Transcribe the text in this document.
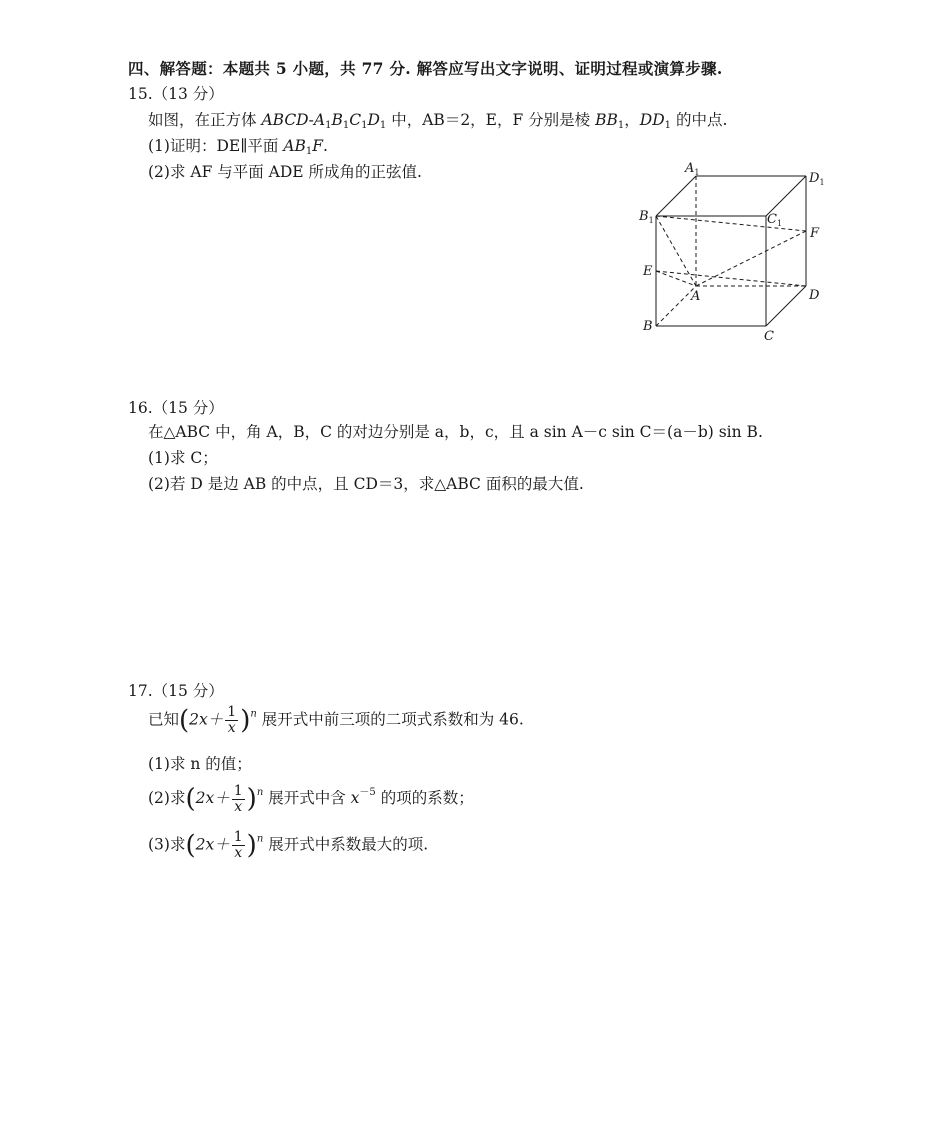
四、解答题：本题共 5 小题，共 77 分. 解答应写出文字说明、证明过程或演算步骤.
15.（13 分）
如图，在正方体 ABCD-$A_1B_1C_1D_1$ 中，AB＝2，E，F 分别是棱 $BB_1$，$DD_1$ 的中点.
(1)证明：DE∥平面 $AB_1F$.
(2)求 AF 与平面 ADE 所成角的正弦值.	$A_1$	$D_1$
$B_1$	$C_1$
F
E
A	D
B
C
16.（15 分）
在△ABC 中，角 A，B，C 的对边分别是 a，b，c，且 a sin A－c sin C＝(a－b) sin B.
(1)求 C；
(2)若 D 是边 AB 的中点，且 CD＝3，求△ABC 面积的最大值.
17.（15 分）
已知$(2x+ \frac{1}{x} )^n$ 展开式中前三项的二项式系数和为 46.
(1)求 n 的值；
(2)求$(2x+ \frac{1}{x} )^n$ 展开式中含 $x^{-5}$ 的项的系数；
(3)求$(2x+ \frac{1}{x} )^n$ 展开式中系数最大的项.
